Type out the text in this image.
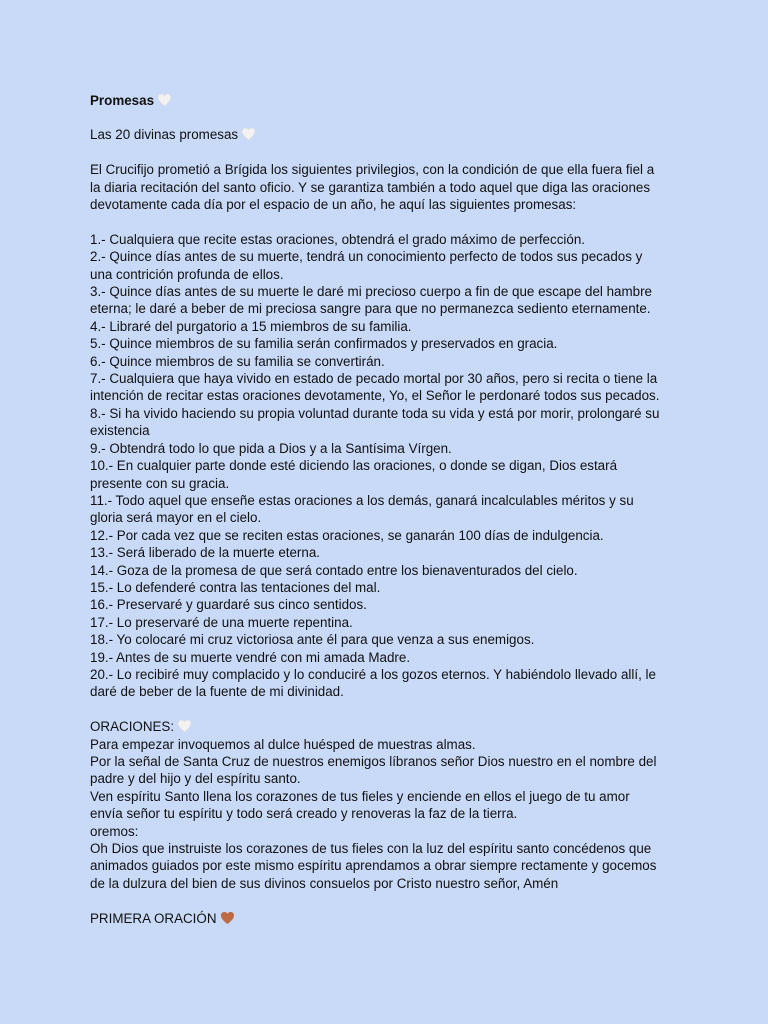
Promesas
Las 20 divinas promesas
El Crucifijo prometió a Brígida los siguientes privilegios, con la condición de que ella fuera fiel a
la diaria recitación del santo oficio. Y se garantiza también a todo aquel que diga las oraciones
devotamente cada día por el espacio de un año, he aquí las siguientes promesas:
1.- Cualquiera que recite estas oraciones, obtendrá el grado máximo de perfección.
2.- Quince días antes de su muerte, tendrá un conocimiento perfecto de todos sus pecados y
una contrición profunda de ellos.
3.- Quince días antes de su muerte le daré mi precioso cuerpo a fin de que escape del hambre
eterna; le daré a beber de mi preciosa sangre para que no permanezca sediento eternamente.
4.- Libraré del purgatorio a 15 miembros de su familia.
5.- Quince miembros de su familia serán confirmados y preservados en gracia.
6.- Quince miembros de su familia se convertirán.
7.- Cualquiera que haya vivido en estado de pecado mortal por 30 años, pero si recita o tiene la
intención de recitar estas oraciones devotamente, Yo, el Señor le perdonaré todos sus pecados.
8.- Si ha vivido haciendo su propia voluntad durante toda su vida y está por morir, prolongaré su
existencia
9.- Obtendrá todo lo que pida a Dios y a la Santísima Vírgen.
10.- En cualquier parte donde esté diciendo las oraciones, o donde se digan, Dios estará
presente con su gracia.
11.- Todo aquel que enseñe estas oraciones a los demás, ganará incalculables méritos y su
gloria será mayor en el cielo.
12.- Por cada vez que se reciten estas oraciones, se ganarán 100 días de indulgencia.
13.- Será liberado de la muerte eterna.
14.- Goza de la promesa de que será contado entre los bienaventurados del cielo.
15.- Lo defenderé contra las tentaciones del mal.
16.- Preservaré y guardaré sus cinco sentidos.
17.- Lo preservaré de una muerte repentina.
18.- Yo colocaré mi cruz victoriosa ante él para que venza a sus enemigos.
19.- Antes de su muerte vendré con mi amada Madre.
20.- Lo recibiré muy complacido y lo conduciré a los gozos eternos. Y habiéndolo llevado allí, le
daré de beber de la fuente de mi divinidad.
ORACIONES:
Para empezar invoquemos al dulce huésped de muestras almas.
Por la señal de Santa Cruz de nuestros enemigos líbranos señor Dios nuestro en el nombre del
padre y del hijo y del espíritu santo.
Ven espíritu Santo llena los corazones de tus fieles y enciende en ellos el juego de tu amor
envía señor tu espíritu y todo será creado y renoveras la faz de la tierra.
oremos:
Oh Dios que instruiste los corazones de tus fieles con la luz del espíritu santo concédenos que
animados guiados por este mismo espíritu aprendamos a obrar siempre rectamente y gocemos
de la dulzura del bien de sus divinos consuelos por Cristo nuestro señor, Amén
PRIMERA ORACIÓN
